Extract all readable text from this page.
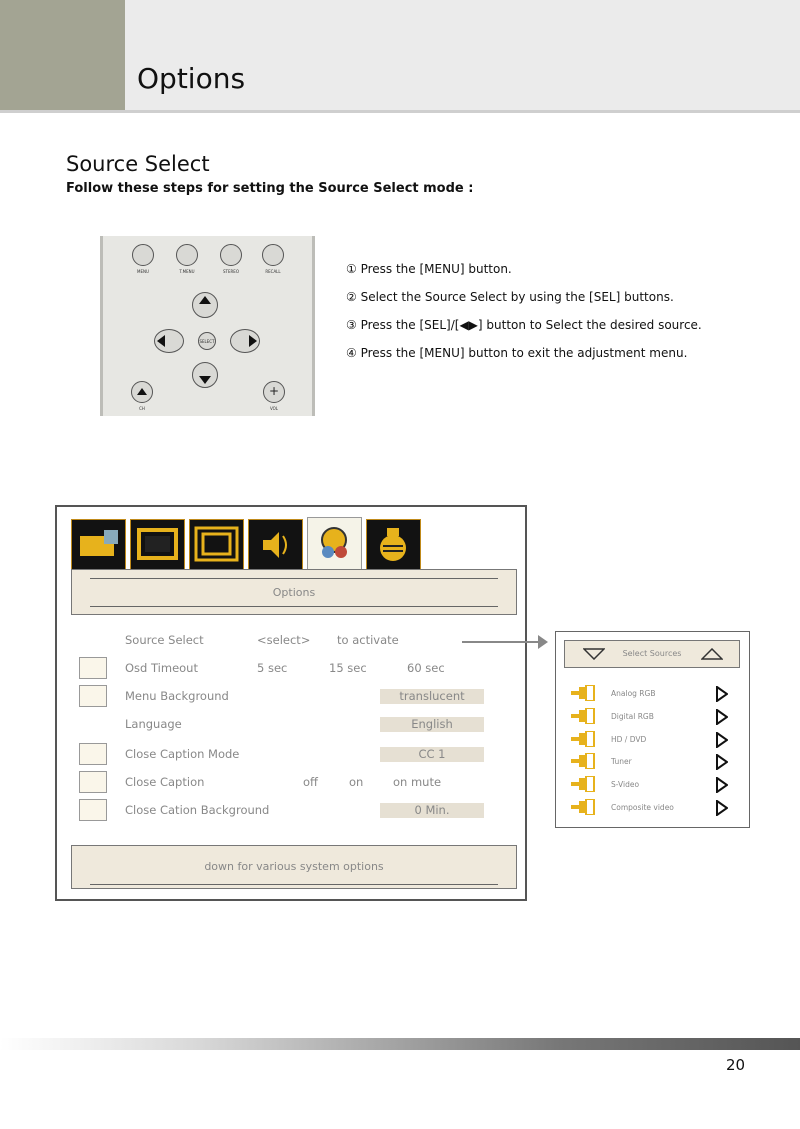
Options
Source Select
Follow these steps for setting the Source Select mode :
MENU	T.MENU	STEREO	RECALL
SELECT
CH
+
VOL
① Press the [MENU] button.
② Select the Source Select by using the [SEL] buttons.
③ Press the [SEL]/[◀▶] button to Select the desired source.
④ Press the [MENU] button to exit the adjustment menu.
Options
Source Select	<select> to activate
Osd Timeout	5 sec	15 sec	60 sec
Menu Background	translucent
Language	English
Close Caption Mode	CC 1
Close Caption	off	on	on mute
Close Cation Background	0 Min.
down for various system options
Select Sources
Analog RGB
Digital RGB
HD / DVD
Tuner
S-Video
Composite video
20
